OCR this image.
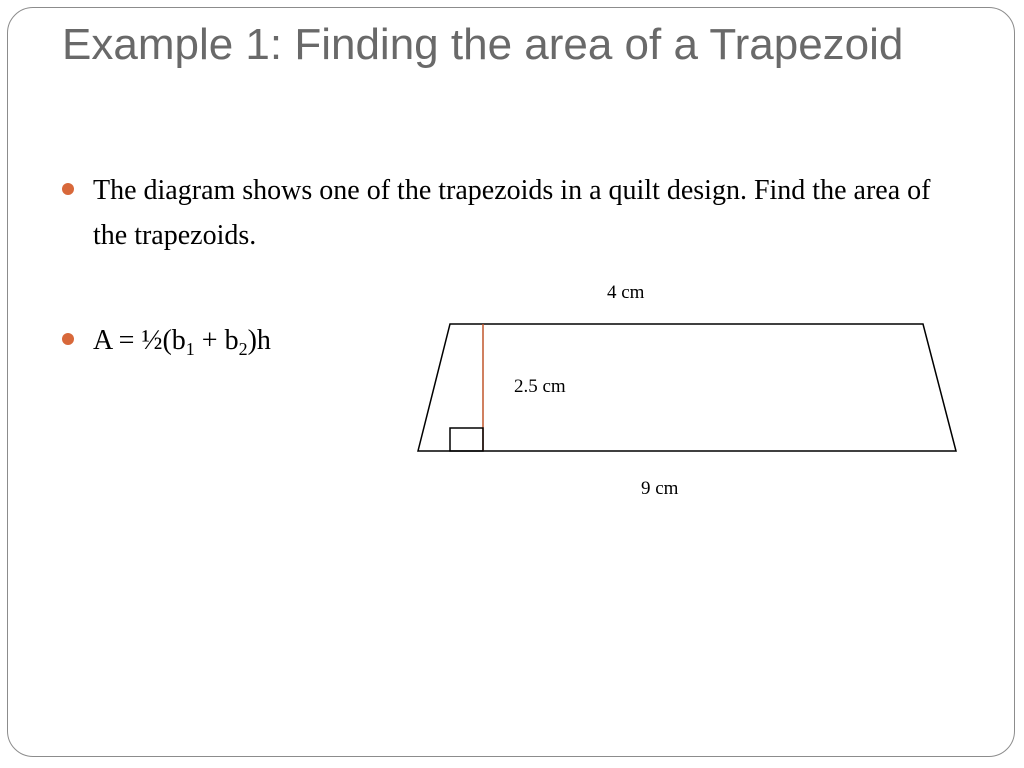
Example 1: Finding the area of a Trapezoid
The diagram shows one of the trapezoids in a quilt design. Find the area of the trapezoids.
$A = \frac{1}{2}(b_1 + b_2)h$
4 cm
2.5 cm
9 cm
